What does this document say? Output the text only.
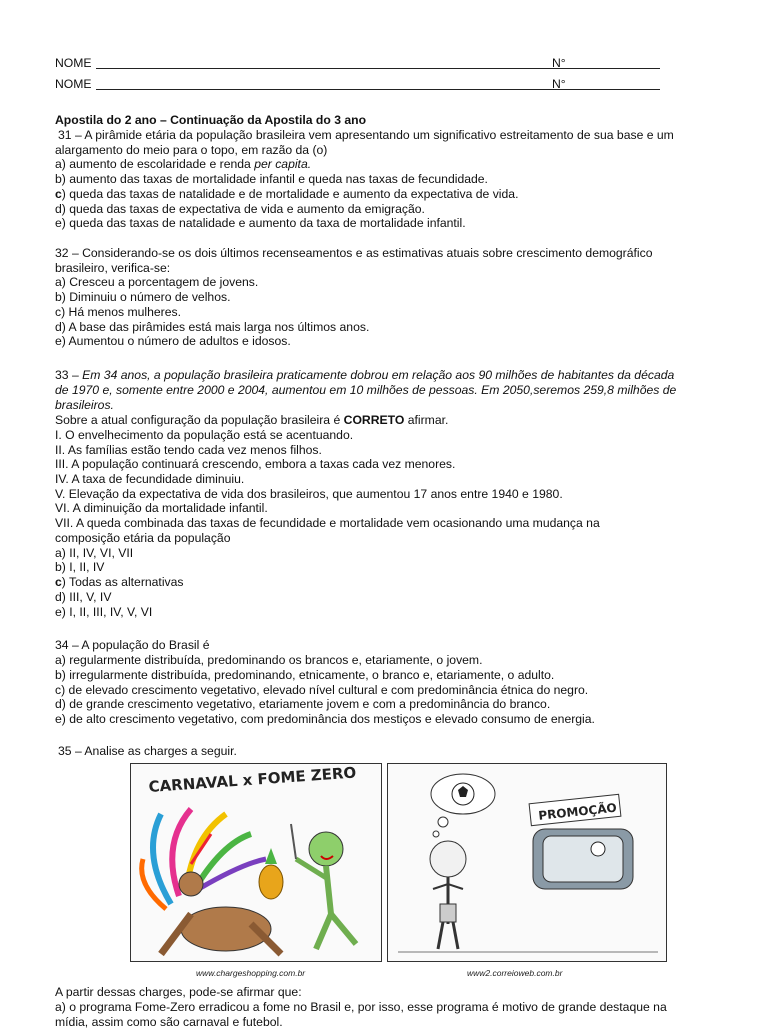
NOME	N°
NOME	N°
Apostila do 2 ano – Continuação da Apostila do 3 ano
31 – A pirâmide etária da população brasileira vem apresentando um significativo estreitamento de sua base e um
alargamento do meio para o topo, em razão da (o)
a) aumento de escolaridade e renda per capita.
b) aumento das taxas de mortalidade infantil e queda nas taxas de fecundidade.
c) queda das taxas de natalidade e de mortalidade e aumento da expectativa de vida.
d) queda das taxas de expectativa de vida e aumento da emigração.
e) queda das taxas de natalidade e aumento da taxa de mortalidade infantil.
32 – Considerando-se os dois últimos recenseamentos e as estimativas atuais sobre crescimento demográfico
brasileiro, verifica-se:
a) Cresceu a porcentagem de jovens.
b) Diminuiu o número de velhos.
c) Há menos mulheres.
d) A base das pirâmides está mais larga nos últimos anos.
e) Aumentou o número de adultos e idosos.
33 – Em 34 anos, a população brasileira praticamente dobrou em relação aos 90 milhões de habitantes da década
de 1970 e, somente entre 2000 e 2004, aumentou em 10 milhões de pessoas. Em 2050,seremos 259,8 milhões de
brasileiros.
Sobre a atual configuração da população brasileira é CORRETO afirmar.
I. O envelhecimento da população está se acentuando.
II. As famílias estão tendo cada vez menos filhos.
III. A população continuará crescendo, embora a taxas cada vez menores.
IV. A taxa de fecundidade diminuiu.
V. Elevação da expectativa de vida dos brasileiros, que aumentou 17 anos entre 1940 e 1980.
VI. A diminuição da mortalidade infantil.
VII. A queda combinada das taxas de fecundidade e mortalidade vem ocasionando uma mudança na
composição etária da população
a) II, IV, VI, VII
b) I, II, IV
c) Todas as alternativas
d) III, V, IV
e) I, II, III, IV, V, VI
34 – A população do Brasil é
a) regularmente distribuída, predominando os brancos e, etariamente, o jovem.
b) irregularmente distribuída, predominando, etnicamente, o branco e, etariamente, o adulto.
c) de elevado crescimento vegetativo, elevado nível cultural e com predominância étnica do negro.
d) de grande crescimento vegetativo, etariamente jovem e com a predominância do branco.
e) de alto crescimento vegetativo, com predominância dos mestiços e elevado consumo de energia.
35 – Analise as charges a seguir.
CARNAVAL x FOME ZERO
www.chargeshopping.com.br
PROMOÇÃO
www2.correioweb.com.br
A partir dessas charges, pode-se afirmar que:
a) o programa Fome-Zero erradicou a fome no Brasil e, por isso, esse programa é motivo de grande destaque na
mídia, assim como são carnaval e futebol.
